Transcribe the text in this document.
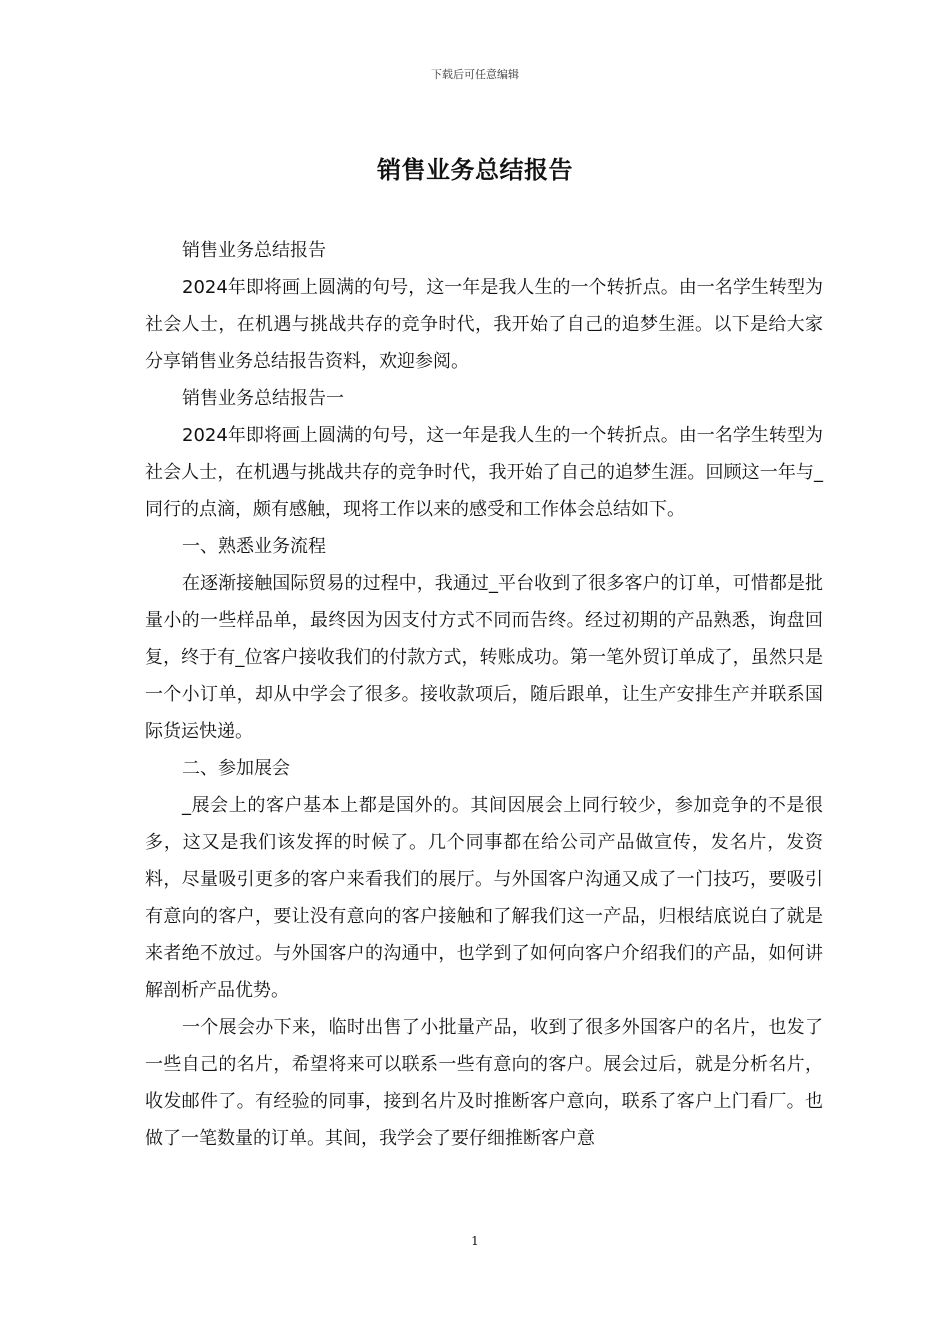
下载后可任意编辑
销售业务总结报告

销售业务总结报告

2024年即将画上圆满的句号，这一年是我人生的一个转折点。由一名学生转型为社会人士，在机遇与挑战共存的竞争时代，我开始了自己的追梦生涯。以下是给大家分享销售业务总结报告资料，欢迎参阅。

销售业务总结报告一

2024年即将画上圆满的句号，这一年是我人生的一个转折点。由一名学生转型为社会人士，在机遇与挑战共存的竞争时代，我开始了自己的追梦生涯。回顾这一年与_同行的点滴，颇有感触，现将工作以来的感受和工作体会总结如下。

一、熟悉业务流程

在逐渐接触国际贸易的过程中，我通过_平台收到了很多客户的订单，可惜都是批量小的一些样品单，最终因为因支付方式不同而告终。经过初期的产品熟悉，询盘回复，终于有_位客户接收我们的付款方式，转账成功。第一笔外贸订单成了，虽然只是一个小订单，却从中学会了很多。接收款项后，随后跟单，让生产安排生产并联系国际货运快递。

二、参加展会

_展会上的客户基本上都是国外的。其间因展会上同行较少，参加竞争的不是很多，这又是我们该发挥的时候了。几个同事都在给公司产品做宣传，发名片，发资料，尽量吸引更多的客户来看我们的展厅。与外国客户沟通又成了一门技巧，要吸引有意向的客户，要让没有意向的客户接触和了解我们这一产品，归根结底说白了就是来者绝不放过。与外国客户的沟通中，也学到了如何向客户介绍我们的产品，如何讲解剖析产品优势。

一个展会办下来，临时出售了小批量产品，收到了很多外国客户的名片，也发了一些自己的名片，希望将来可以联系一些有意向的客户。展会过后，就是分析名片，收发邮件了。有经验的同事，接到名片及时推断客户意向，联系了客户上门看厂。也做了一笔数量的订单。其间，我学会了要仔细推断客户意

1
